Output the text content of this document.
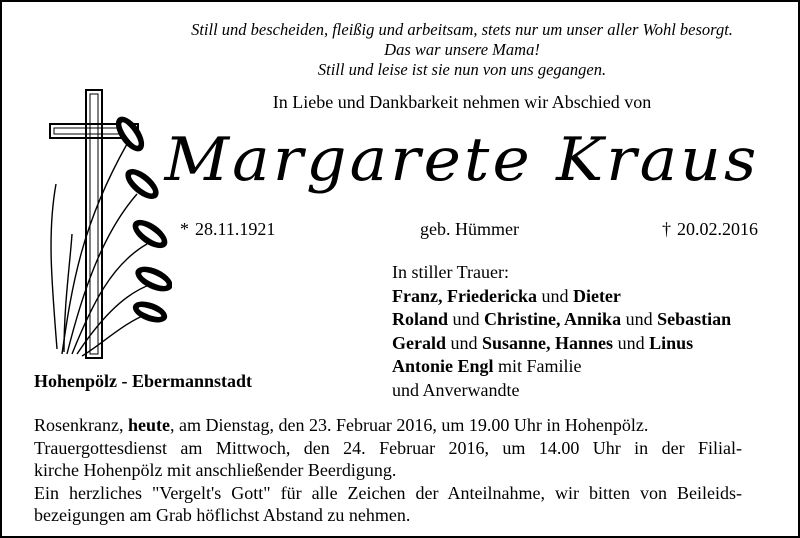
Still und bescheiden, fleißig und arbeitsam, stets nur um unser aller Wohl besorgt.
Das war unsere Mama!
Still und leise ist sie nun von uns gegangen.
In Liebe und Dankbarkeit nehmen wir Abschied von
Margarete Kraus
* 28.11.1921	geb. Hümmer	† 20.02.2016
In stiller Trauer:
Franz, Friedericka und Dieter
Roland und Christine, Annika und Sebastian
Gerald und Susanne, Hannes und Linus
Antonie Engl mit Familie
und Anverwandte
Hohenpölz - Ebermannstadt
Rosenkranz, heute, am Dienstag, den 23. Februar 2016, um 19.00 Uhr in Hohenpölz.
Trauergottesdienst am Mittwoch, den 24. Februar 2016, um 14.00 Uhr in der Filial-
kirche Hohenpölz mit anschließender Beerdigung.
Ein herzliches "Vergelt's Gott" für alle Zeichen der Anteilnahme, wir bitten von Beileids-
bezeigungen am Grab höflichst Abstand zu nehmen.
